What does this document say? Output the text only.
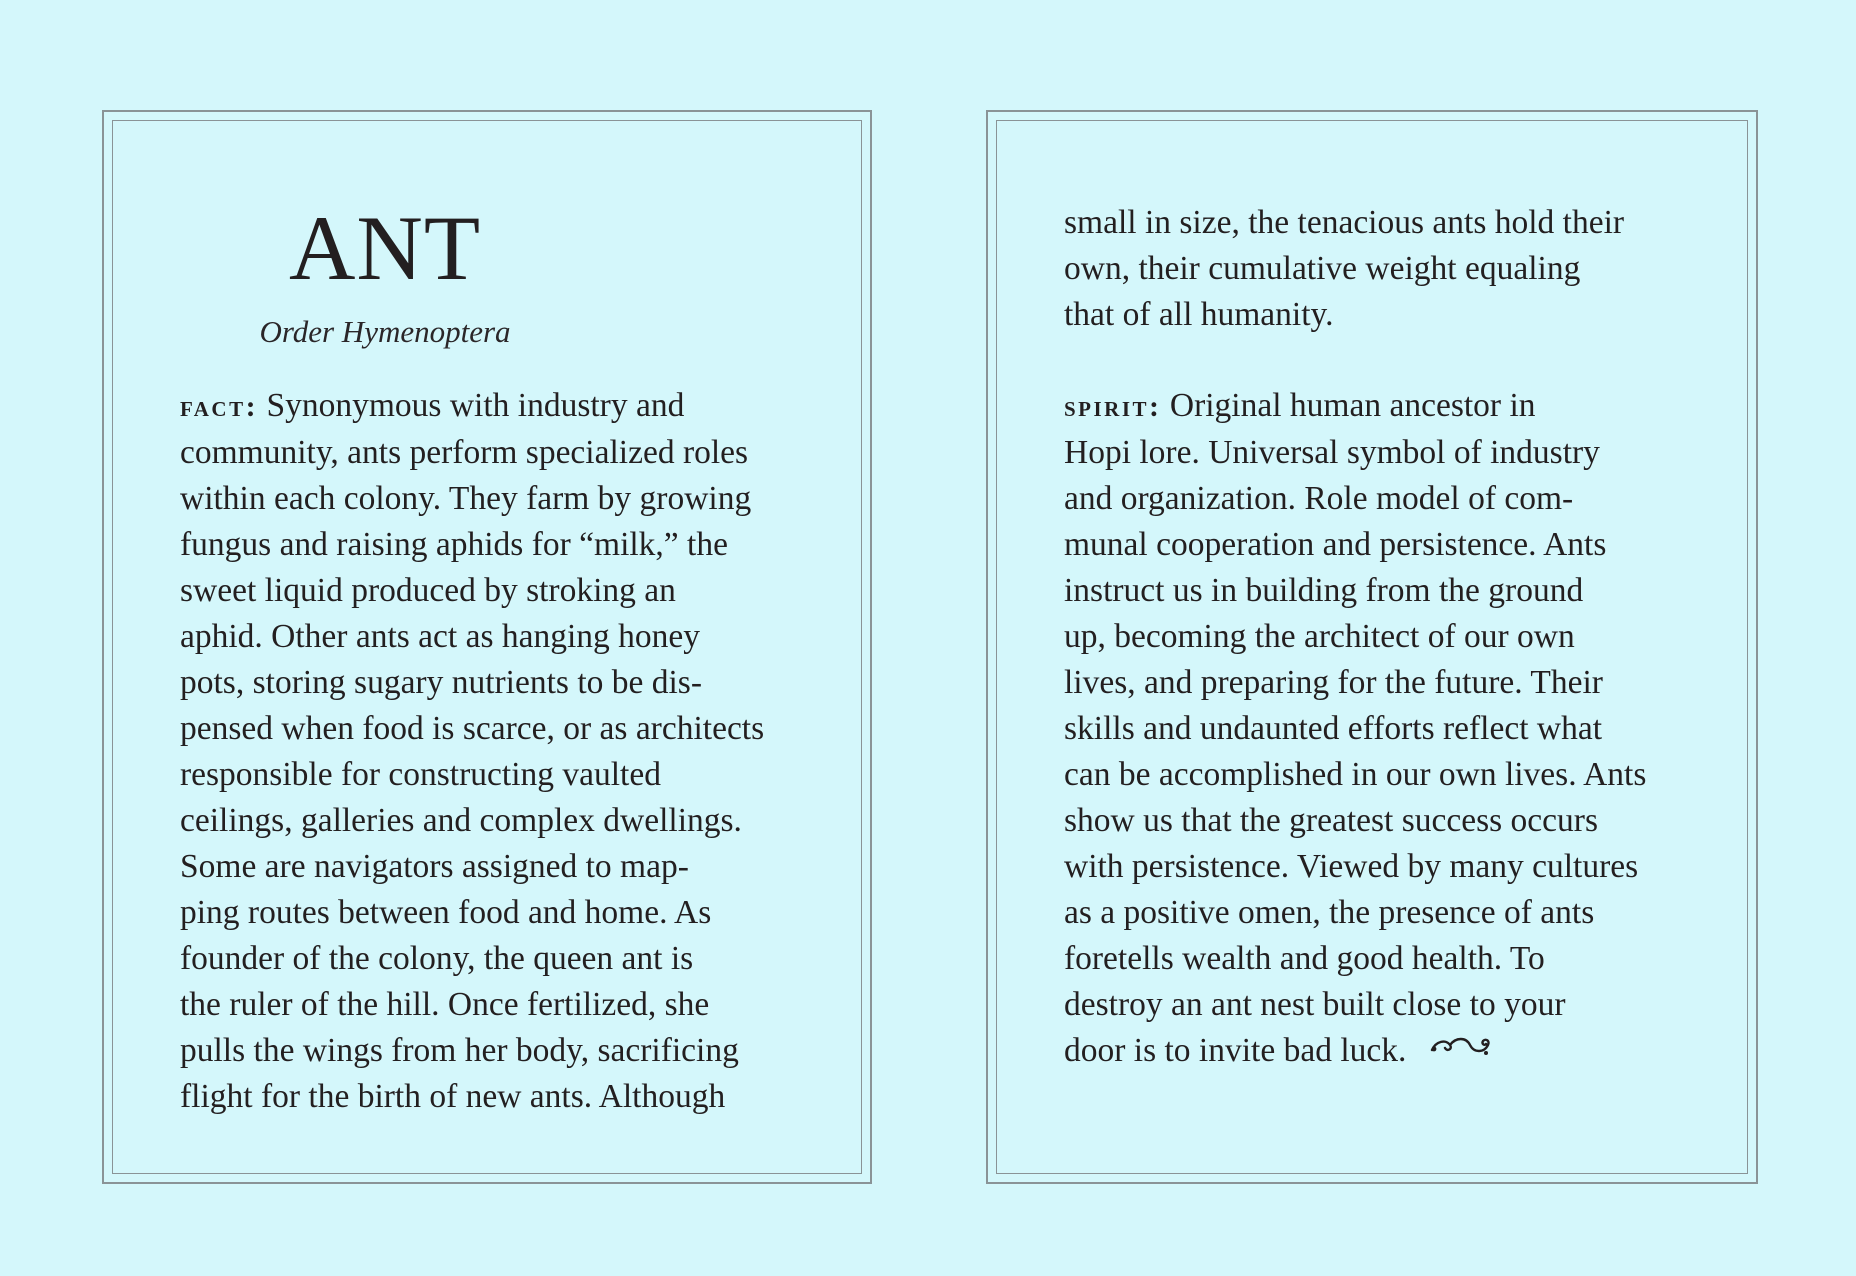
ANT
Order Hymenoptera
fact: Synonymous with industry and
community, ants perform specialized roles
within each colony. They farm by growing
fungus and raising aphids for “milk,” the
sweet liquid produced by stroking an
aphid. Other ants act as hanging honey
pots, storing sugary nutrients to be dis-
pensed when food is scarce, or as architects
responsible for constructing vaulted
ceilings, galleries and complex dwellings.
Some are navigators assigned to map-
ping routes between food and home. As
founder of the colony, the queen ant is
the ruler of the hill. Once fertilized, she
pulls the wings from her body, sacrificing
flight for the birth of new ants. Although
small in size, the tenacious ants hold their
own, their cumulative weight equaling
that of all humanity.
spirit: Original human ancestor in
Hopi lore. Universal symbol of industry
and organization. Role model of com-
munal cooperation and persistence. Ants
instruct us in building from the ground
up, becoming the architect of our own
lives, and preparing for the future. Their
skills and undaunted efforts reflect what
can be accomplished in our own lives. Ants
show us that the greatest success occurs
with persistence. Viewed by many cultures
as a positive omen, the presence of ants
foretells wealth and good health. To
destroy an ant nest built close to your
door is to invite bad luck.
